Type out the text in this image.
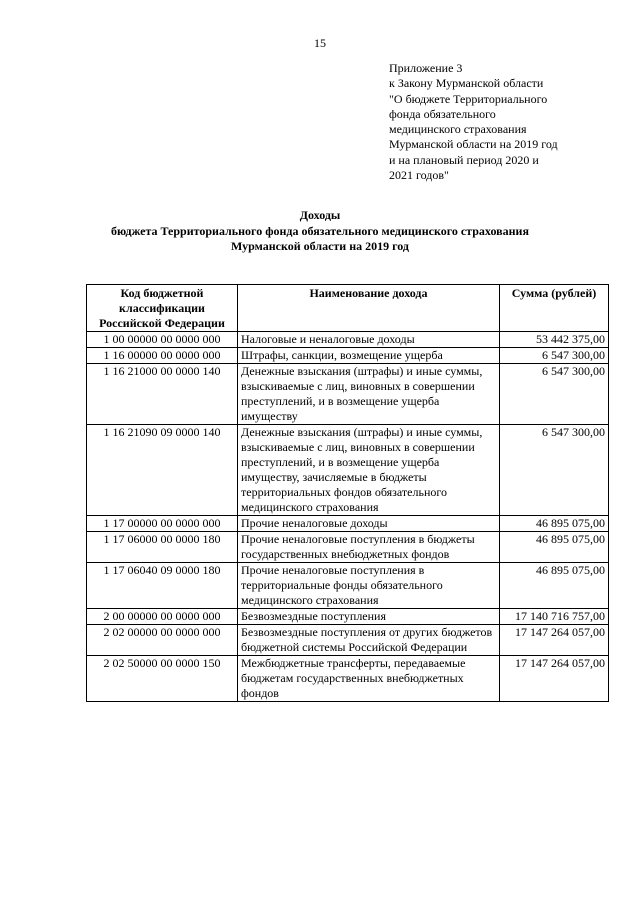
15
Приложение 3
к Закону Мурманской области
"О бюджете Территориального
фонда обязательного
медицинского страхования
Мурманской области на 2019 год
и на плановый период 2020 и
2021 годов"
Доходы
бюджета Территориального фонда обязательного медицинского страхования
Мурманской области на 2019 год
Код бюджетной классификации Российской Федерации	Наименование дохода	Сумма (рублей)
1 00 00000 00 0000 000	Налоговые и неналоговые доходы	53 442 375,00
1 16 00000 00 0000 000	Штрафы, санкции, возмещение ущерба	6 547 300,00
1 16 21000 00 0000 140	Денежные взыскания (штрафы) и иные суммы, взыскиваемые с лиц, виновных в совершении преступлений, и в возмещение ущерба имуществу	6 547 300,00
1 16 21090 09 0000 140	Денежные взыскания (штрафы) и иные суммы, взыскиваемые с лиц, виновных в совершении преступлений, и в возмещение ущерба имуществу, зачисляемые в бюджеты территориальных фондов обязательного медицинского страхования	6 547 300,00
1 17 00000 00 0000 000	Прочие неналоговые доходы	46 895 075,00
1 17 06000 00 0000 180	Прочие неналоговые поступления в бюджеты государственных внебюджетных фондов	46 895 075,00
1 17 06040 09 0000 180	Прочие неналоговые поступления в территориальные фонды обязательного медицинского страхования	46 895 075,00
2 00 00000 00 0000 000	Безвозмездные поступления	17 140 716 757,00
2 02 00000 00 0000 000	Безвозмездные поступления от других бюджетов бюджетной системы Российской Федерации	17 147 264 057,00
2 02 50000 00 0000 150	Межбюджетные трансферты, передаваемые бюджетам государственных внебюджетных фондов	17 147 264 057,00
